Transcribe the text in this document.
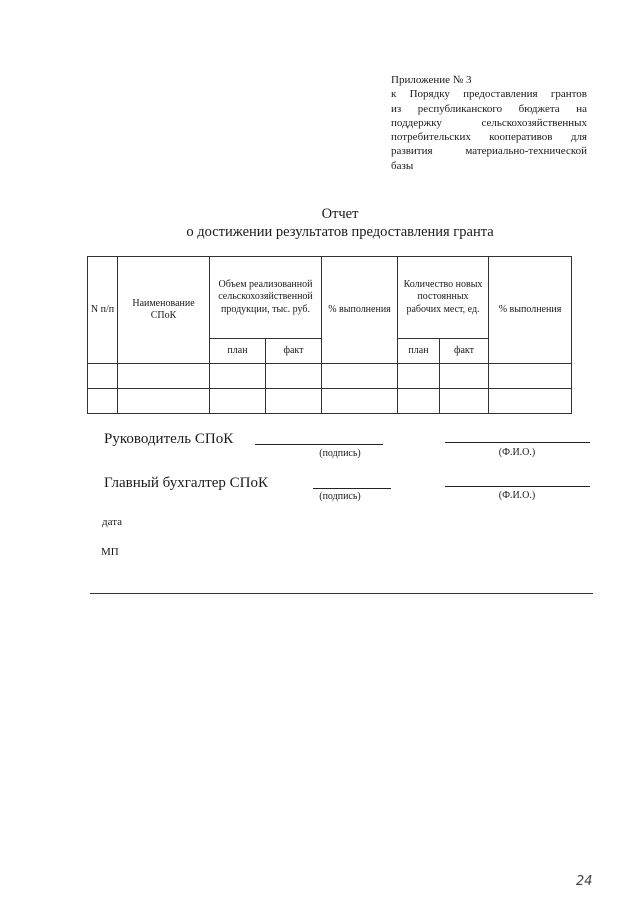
Приложение № 3
к Порядку предоставления грантов
из республиканского бюджета на
поддержку сельскохозяйственных
потребительских кооперативов для
развития материально-технической
базы
Отчет
о достижении результатов предоставления гранта
N п/п	Наименование СПоК	Объем реализованной сельскохозяйственной продукции, тыс. руб.		% выполнения	Количество новых постоянных рабочих мест, ед.		% выполнения
		план	факт		план	факт	

Руководитель СПоК
(подпись)	(Ф.И.О.)
Главный бухгалтер СПоК
(подпись)	(Ф.И.О.)
дата
МП
24
